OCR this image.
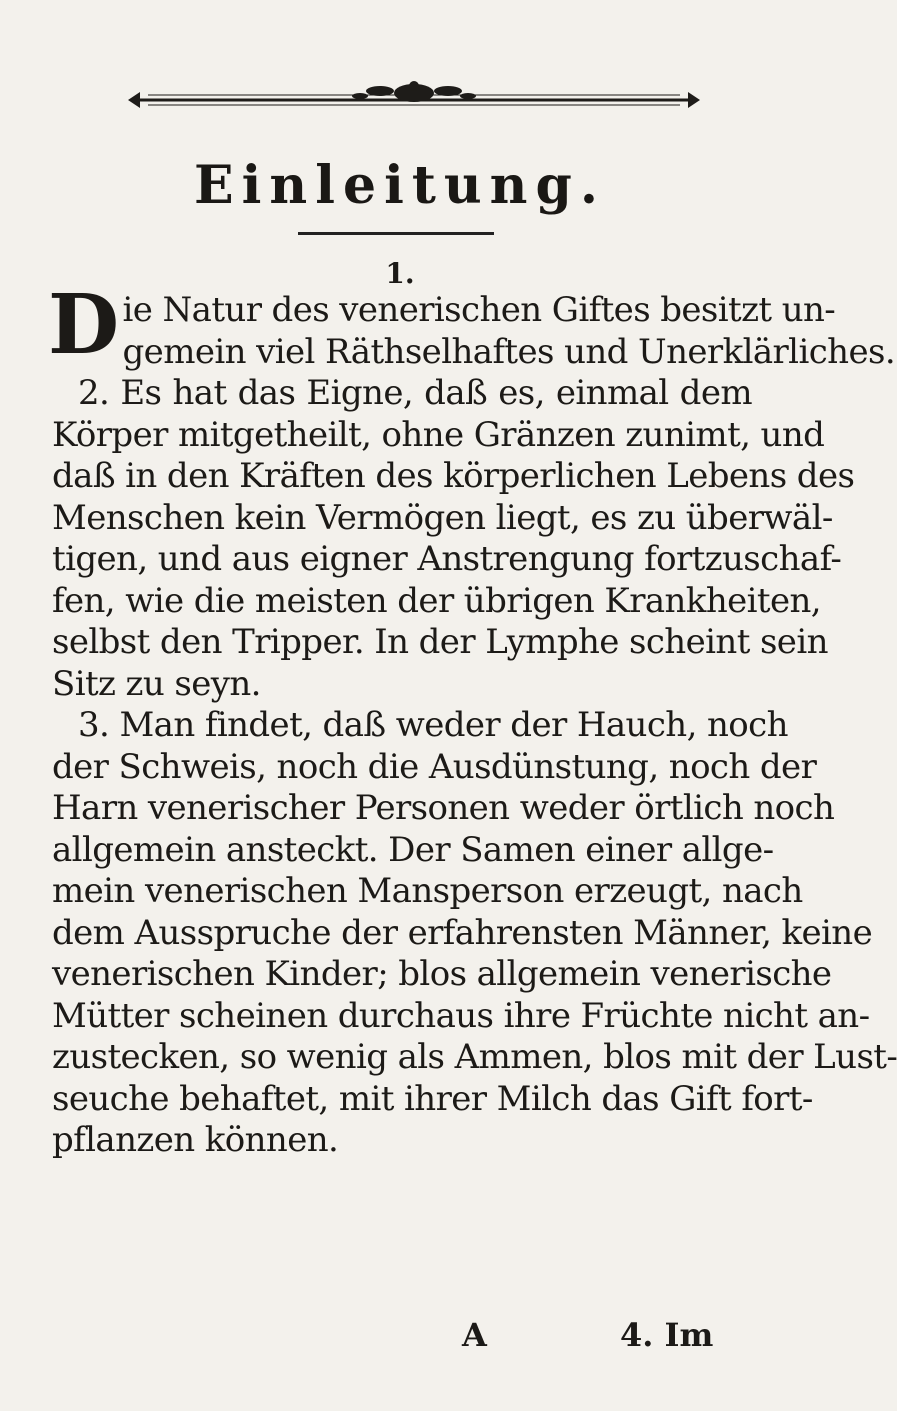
Einleitung.
1.
Die Natur des venerischen Giftes besitzt un-
gemein viel Räthselhaftes und Unerklärliches.
2. Es hat das Eigne, daß es, einmal dem
Körper mitgetheilt, ohne Gränzen zunimt, und
daß in den Kräften des körperlichen Lebens des
Menschen kein Vermögen liegt, es zu überwäl-
tigen, und aus eigner Anstrengung fortzuschaf-
fen, wie die meisten der übrigen Krankheiten,
selbst den Tripper. In der Lymphe scheint sein
Sitz zu seyn.
3. Man findet, daß weder der Hauch, noch
der Schweis, noch die Ausdünstung, noch der
Harn venerischer Personen weder örtlich noch
allgemein ansteckt. Der Samen einer allge-
mein venerischen Mansperson erzeugt, nach
dem Ausspruche der erfahrensten Männer, keine
venerischen Kinder; blos allgemein venerische
Mütter scheinen durchaus ihre Früchte nicht an-
zustecken, so wenig als Ammen, blos mit der Lust-
seuche behaftet, mit ihrer Milch das Gift fort-
pflanzen können.
A	4. Im
